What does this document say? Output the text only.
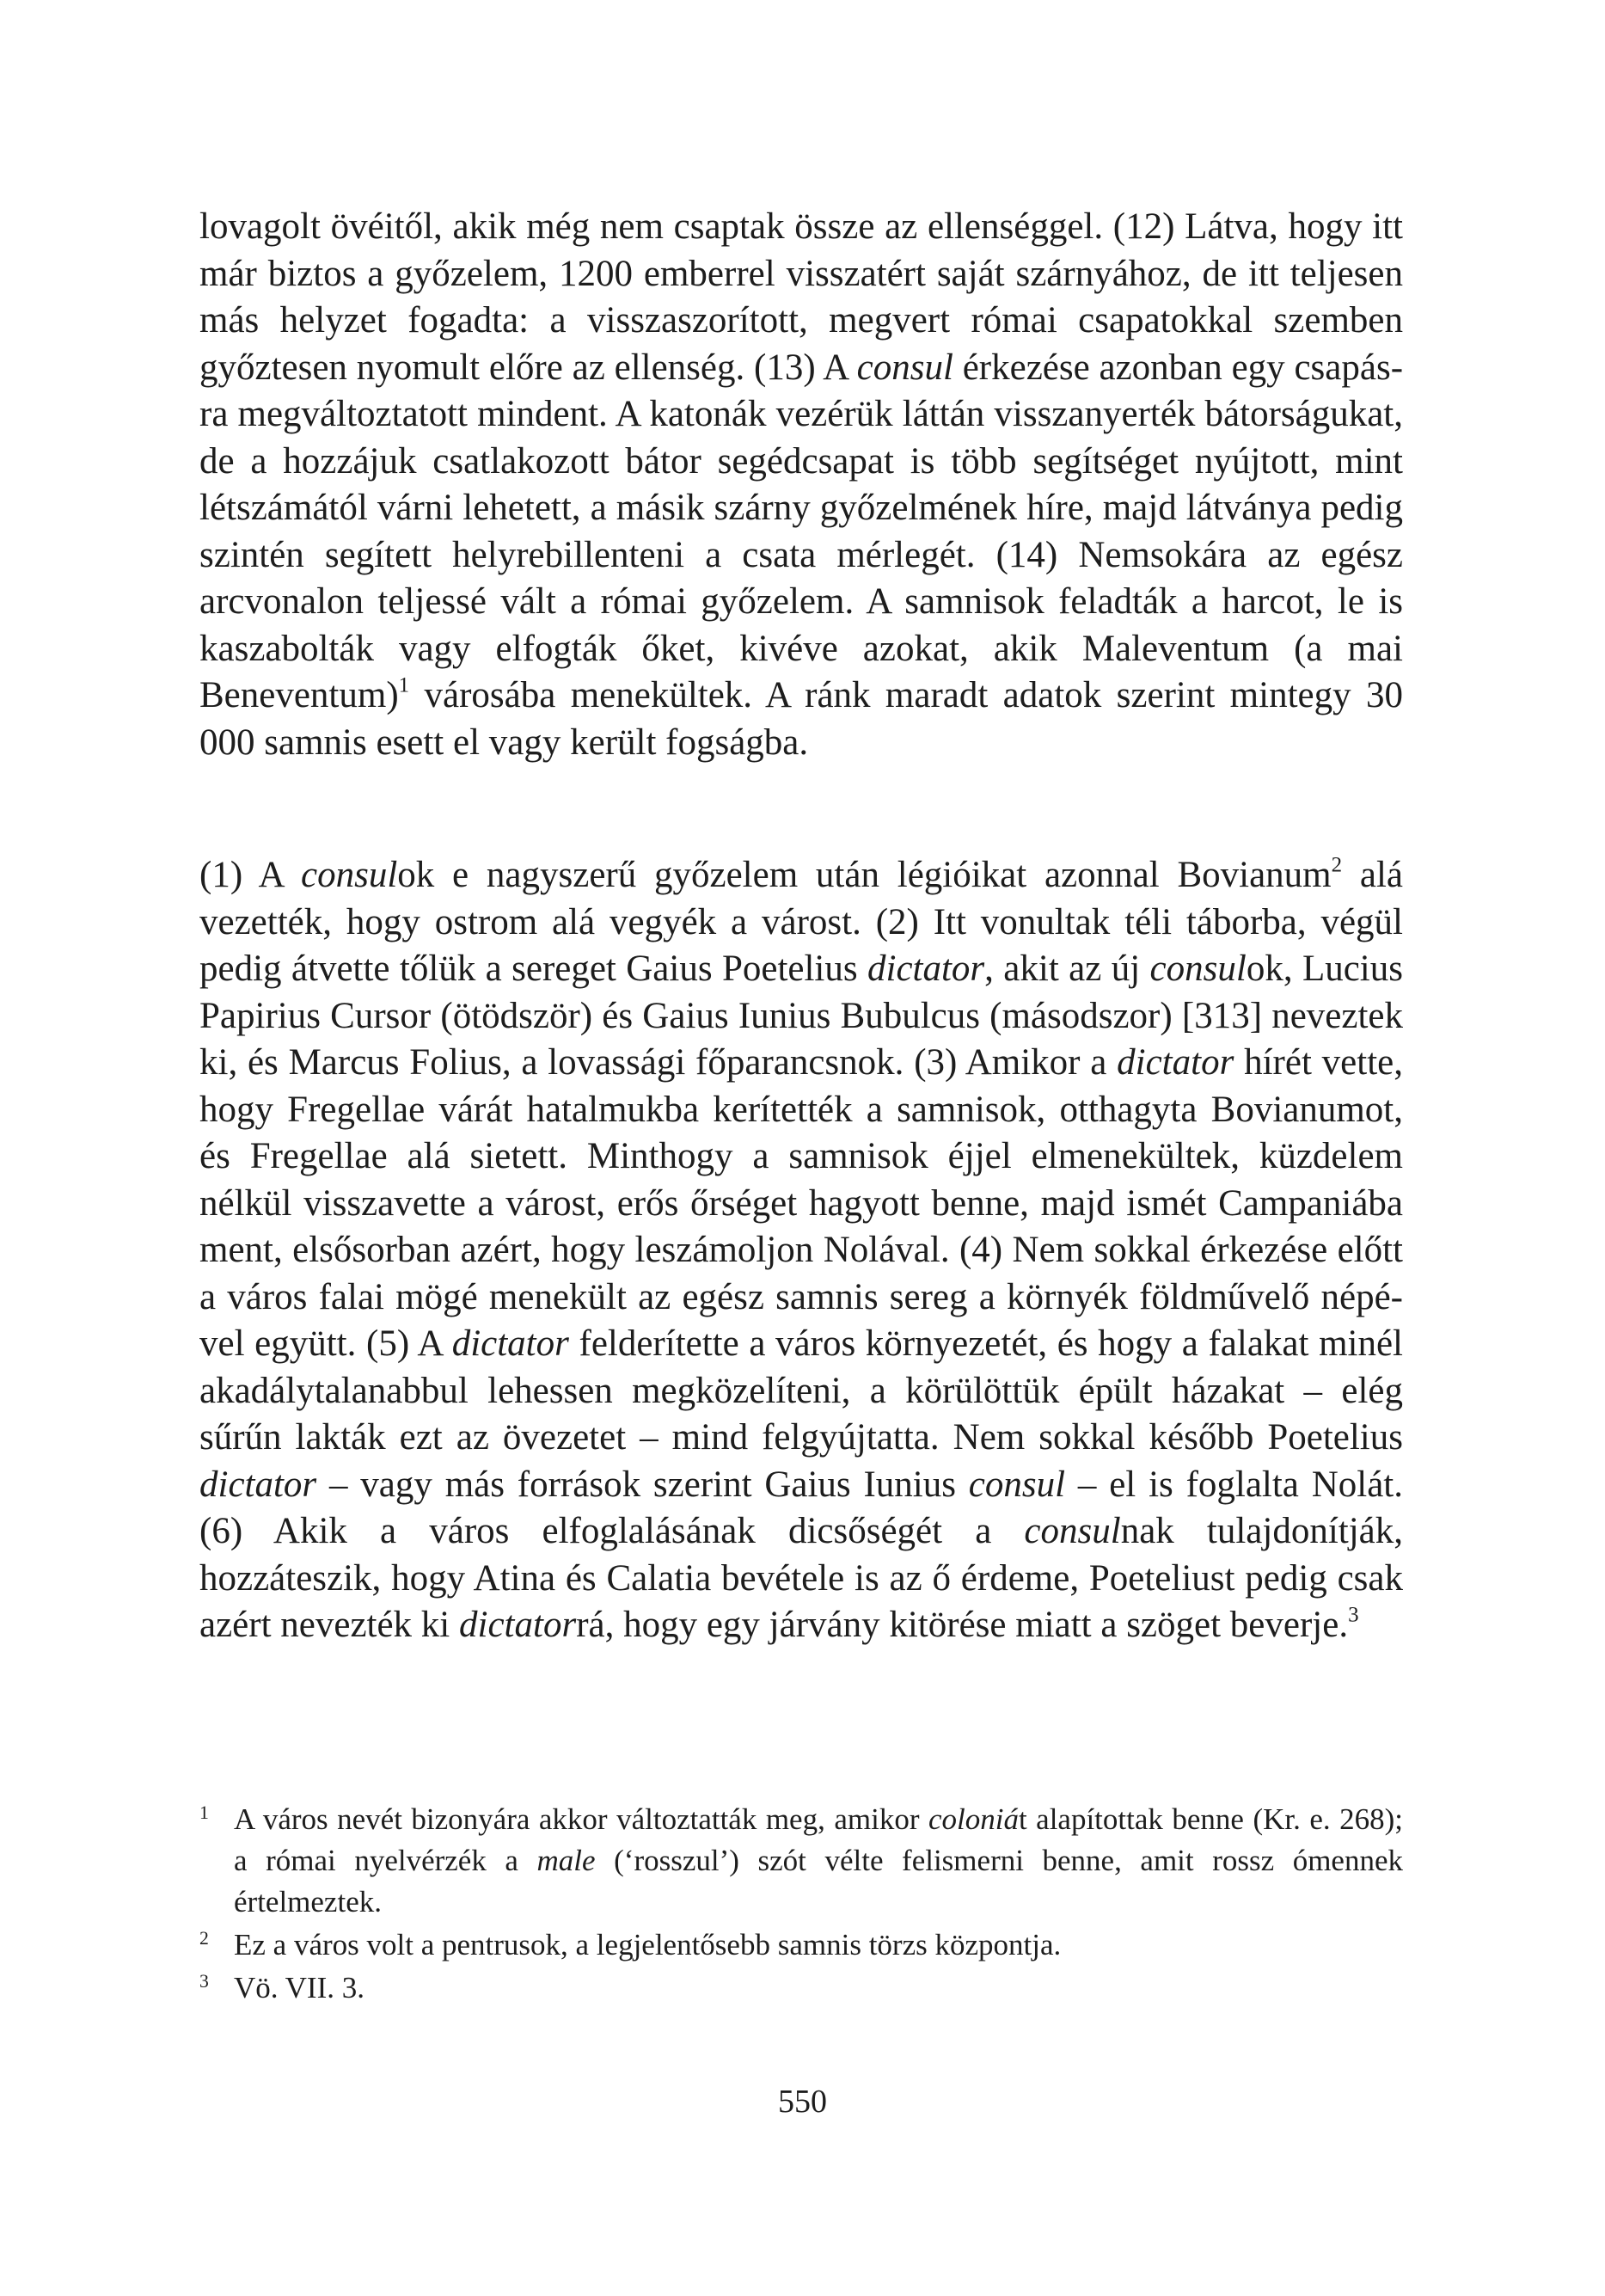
lovagolt övéitől, akik még nem csaptak össze az ellenséggel. (12) Látva, hogy itt már biztos a győzelem, 1200 emberrel visszatért saját szárnyához, de itt teljesen más helyzet fogadta: a visszaszorított, megvert római csapatokkal szemben győztesen nyomult előre az ellenség. (13) A consul érkezése azonban egy csapásra megváltoztatott mindent. A katonák vezérük láttán visszanyerték bátorságukat, de a hozzájuk csatlakozott bátor segédcsapat is több segítséget nyújtott, mint létszámától várni lehetett, a másik szárny győzelmének híre, majd látványa pedig szintén segített helyrebillenteni a csata mérlegét. (14) Nemsokára az egész arcvonalon teljessé vált a római győzelem. A samnisok feladták a harcot, le is kaszabolták vagy elfogták őket, kivéve azokat, akik Maleventum (a mai Beneventum)$^1$ városába menekültek. A ránk maradt adatok szerint mintegy 30 000 samnis esett el vagy került fogságba.

(1) A consulok e nagyszerű győzelem után légióikat azonnal Bovianum$^2$ alá vezették, hogy ostrom alá vegyék a várost. (2) Itt vonultak téli táborba, végül pedig átvette tőlük a sereget Gaius Poetelius dictator, akit az új consulok, Lucius Papirius Cursor (ötödször) és Gaius Iunius Bubulcus (másodszor) [313] neveztek ki, és Marcus Folius, a lovassági főparancsnok. (3) Amikor a dictator hírét vette, hogy Fregellae várát hatalmukba kerítették a samnisok, otthagyta Bovianumot, és Fregellae alá sietett. Minthogy a samnisok éjjel elmenekültek, küzdelem nélkül visszavette a várost, erős őrséget hagyott benne, majd ismét Campaniába ment, elsősorban azért, hogy leszámoljon Nolával. (4) Nem sokkal érkezése előtt a város falai mögé menekült az egész samnis sereg a környék földművelő népével együtt. (5) A dictator felderítette a város környezetét, és hogy a falakat minél akadálytalanabbul lehessen megközelíteni, a körülöttük épült házakat – elég sűrűn lakták ezt az övezetet – mind felgyújtatta. Nem sokkal később Poetelius dictator – vagy más források szerint Gaius Iunius consul – el is foglalta Nolát. (6) Akik a város elfoglalásának dicsőségét a consulnak tulajdonítják, hozzáteszik, hogy Atina és Calatia bevétele is az ő érdeme, Poeteliust pedig csak azért nevezték ki dictatorrá, hogy egy járvány kitörése miatt a szöget beverje.$^3$

1 A város nevét bizonyára akkor változtatták meg, amikor coloniát alapítottak benne (Kr. e. 268); a római nyelvérzék a male (‘rosszul’) szót vélte felismerni benne, amit rossz ómennek értelmeztek.
2 Ez a város volt a pentrusok, a legjelentősebb samnis törzs központja.
3 Vö. VII. 3.
550
